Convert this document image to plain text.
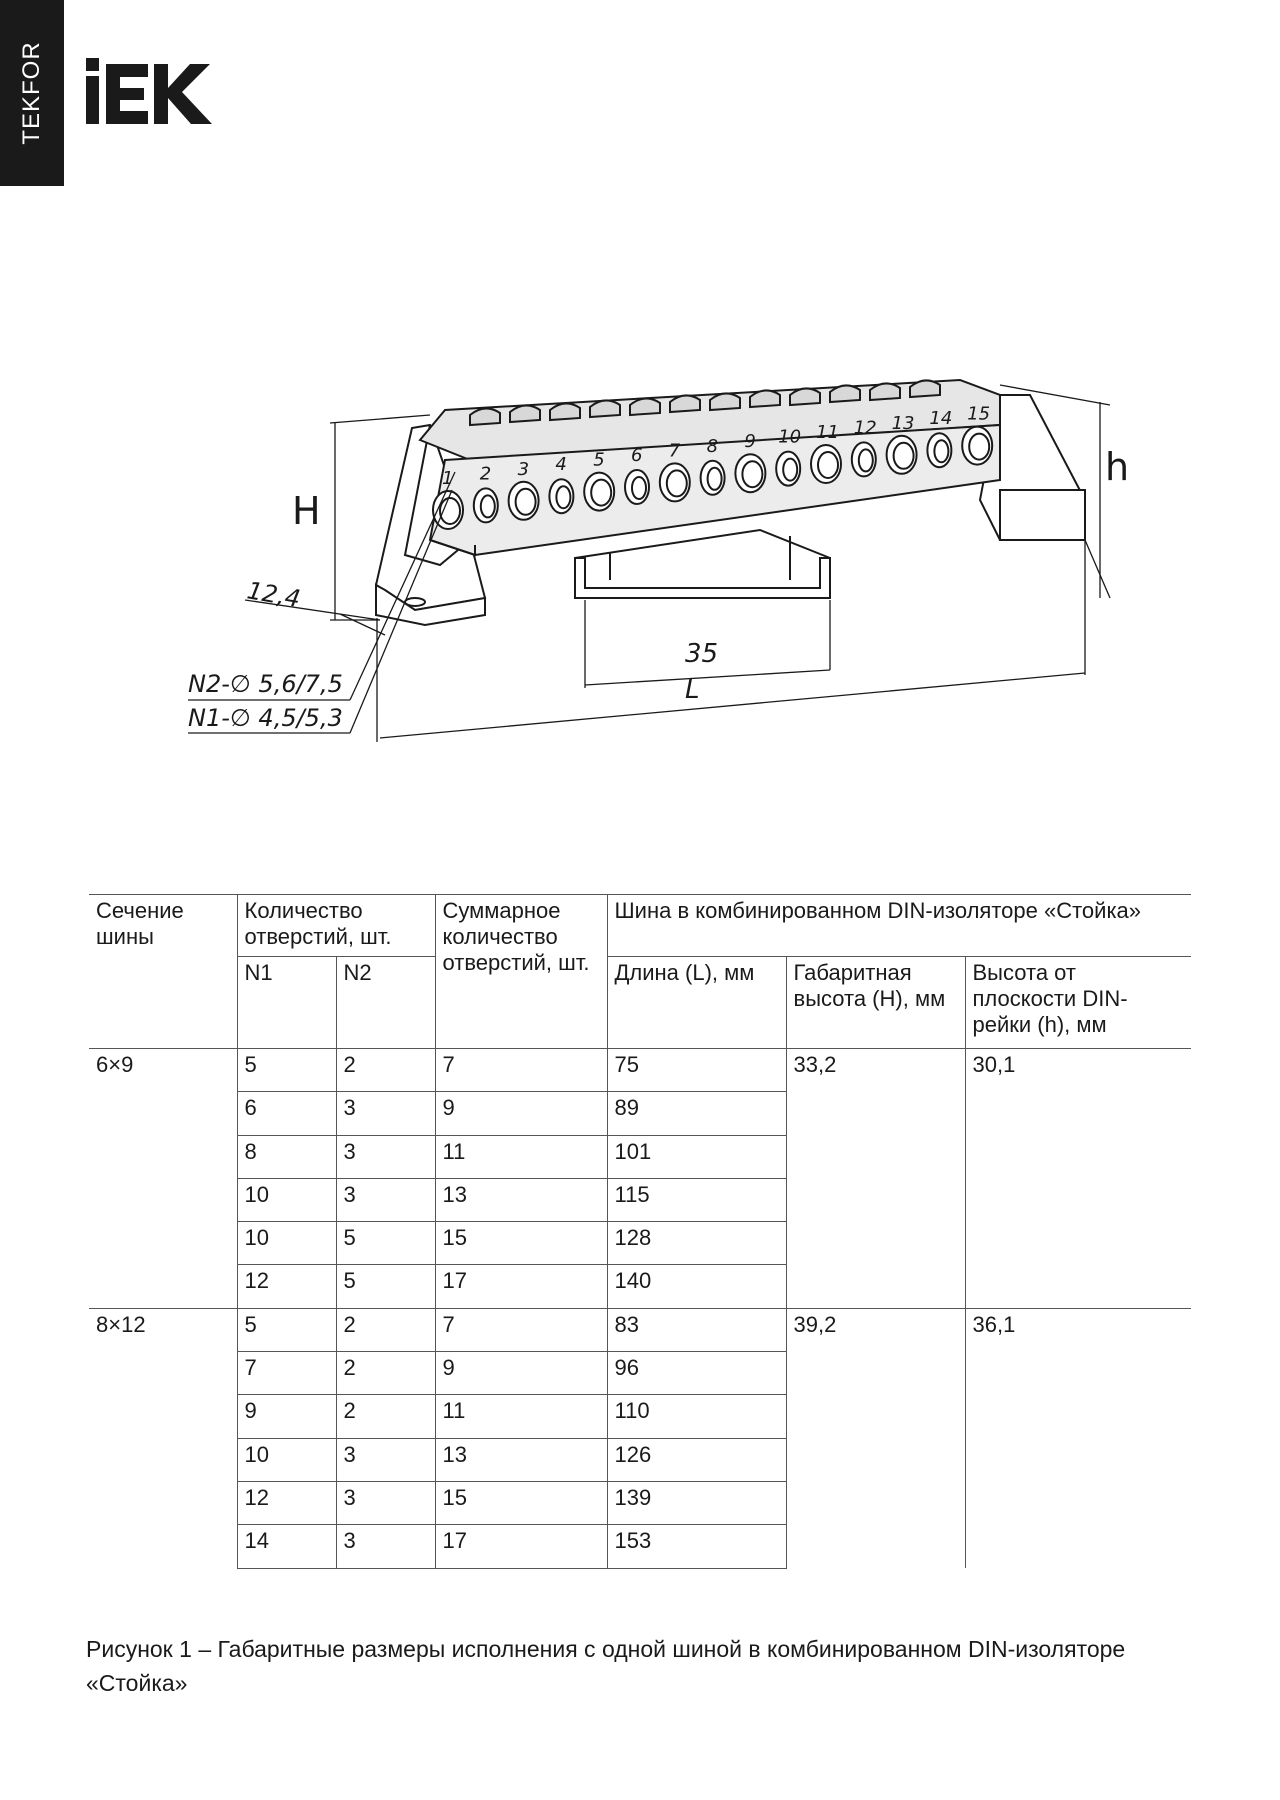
TEKFOR
1 2 3 4 5 6 7 8 9 10 11 12 13 14 15
H
h
12,4
35
L
N2-∅ 5,6/7,5
N1-∅ 4,5/5,3
Сечение шины	Количество отверстий, шт.		Суммарное количество отверстий, шт.	Шина в комбинированном DIN-изоляторе «Стойка»		
	N1	N2		Длина (L), мм	Габаритная высота (H), мм	Высота от плоскости DIN-рейки (h), мм
6×9	5	2	7	75	33,2	30,1
	6	3	9	89		
	8	3	11	101		
	10	3	13	115		
	10	5	15	128		
	12	5	17	140		
8×12	5	2	7	83	39,2	36,1
	7	2	9	96		
	9	2	11	110		
	10	3	13	126		
	12	3	15	139		
	14	3	17	153		
Рисунок 1 – Габаритные размеры исполнения с одной шиной в комбинированном DIN-изоляторе «Стойка»
